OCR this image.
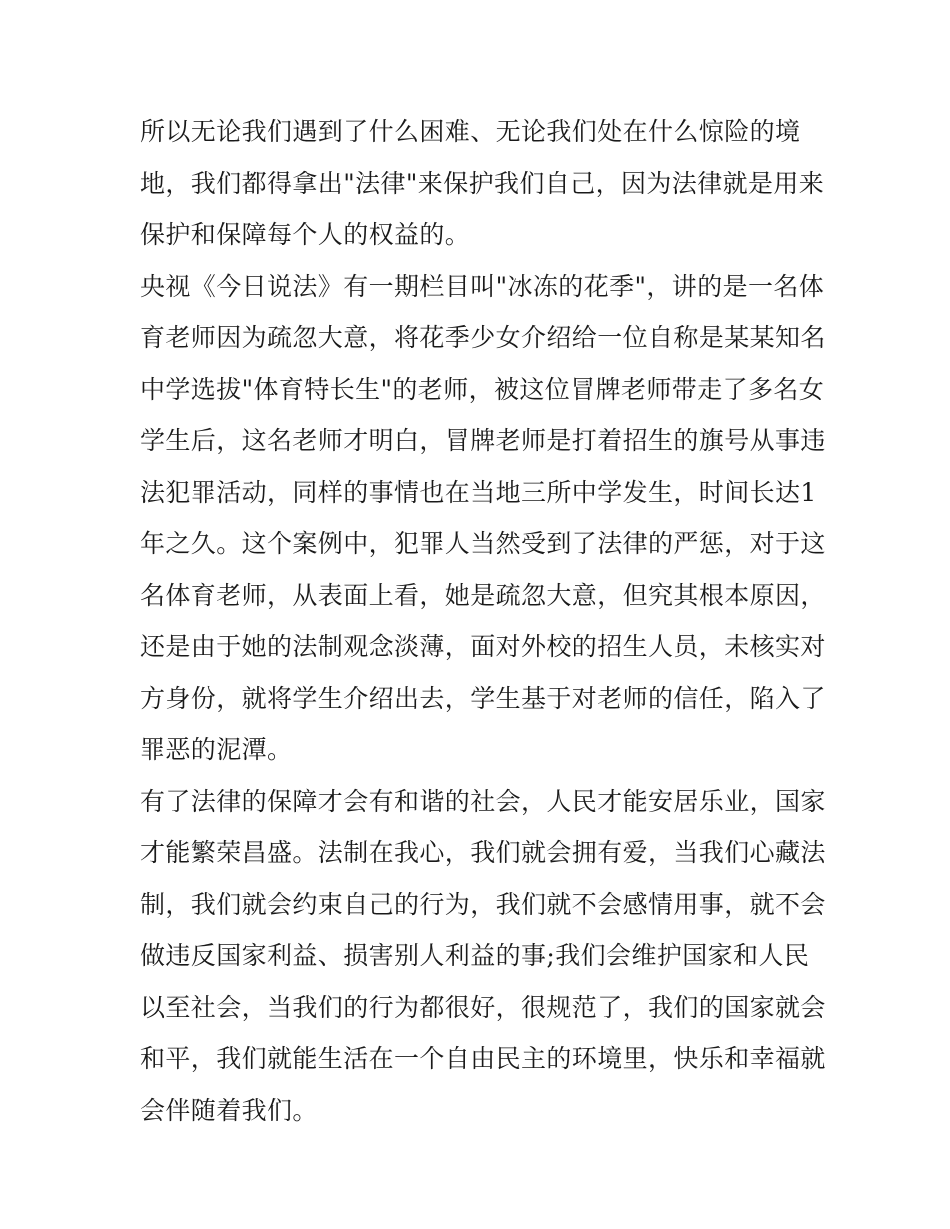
所以无论我们遇到了什么困难、无论我们处在什么惊险的境
地，我们都得拿出"法律"来保护我们自己，因为法律就是用来
保护和保障每个人的权益的。
央视《今日说法》有一期栏目叫"冰冻的花季"，讲的是一名体
育老师因为疏忽大意，将花季少女介绍给一位自称是某某知名
中学选拔"体育特长生"的老师，被这位冒牌老师带走了多名女
学生后，这名老师才明白，冒牌老师是打着招生的旗号从事违
法犯罪活动，同样的事情也在当地三所中学发生，时间长达1
年之久。这个案例中，犯罪人当然受到了法律的严惩，对于这
名体育老师，从表面上看，她是疏忽大意，但究其根本原因，
还是由于她的法制观念淡薄，面对外校的招生人员，未核实对
方身份，就将学生介绍出去，学生基于对老师的信任，陷入了
罪恶的泥潭。
有了法律的保障才会有和谐的社会，人民才能安居乐业，国家
才能繁荣昌盛。法制在我心，我们就会拥有爱，当我们心藏法
制，我们就会约束自己的行为，我们就不会感情用事，就不会
做违反国家利益、损害别人利益的事;我们会维护国家和人民
以至社会，当我们的行为都很好，很规范了，我们的国家就会
和平，我们就能生活在一个自由民主的环境里，快乐和幸福就
会伴随着我们。
